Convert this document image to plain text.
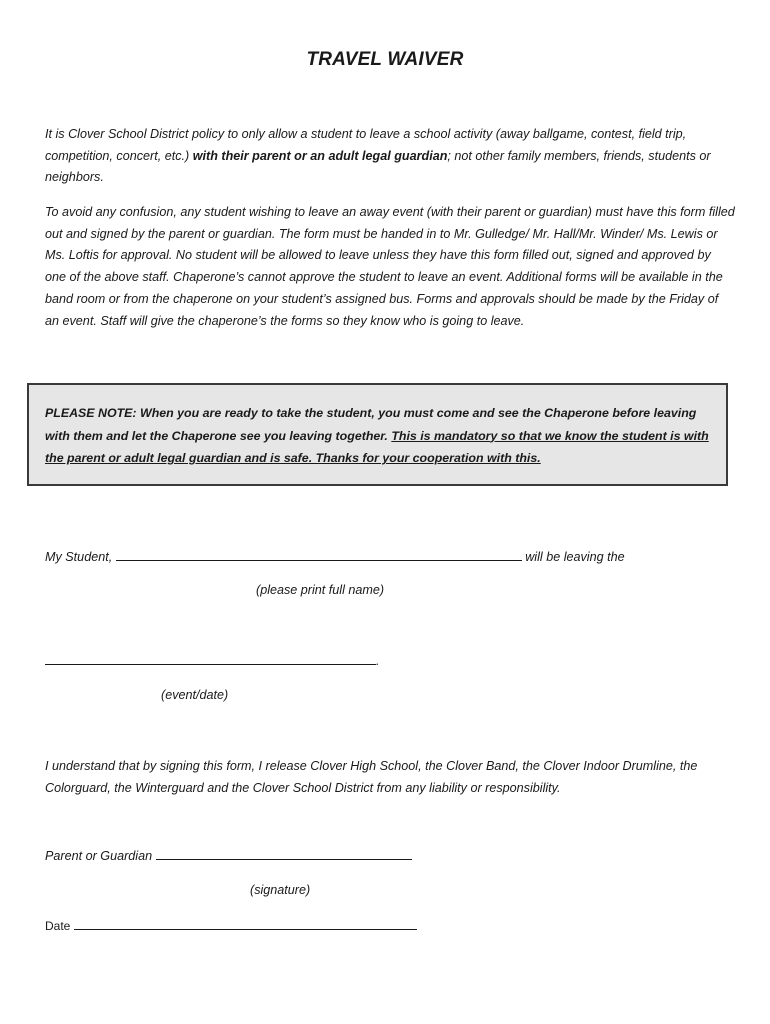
TRAVEL WAIVER

It is Clover School District policy to only allow a student to leave a school activity (away ballgame, contest, field trip, competition, concert, etc.) with their parent or an adult legal guardian; not other family members, friends, students or neighbors.

To avoid any confusion, any student wishing to leave an away event (with their parent or guardian) must have this form filled out and signed by the parent or guardian. The form must be handed in to Mr. Gulledge/ Mr. Hall/Mr. Winder/ Ms. Lewis or Ms. Loftis for approval. No student will be allowed to leave unless they have this form filled out, signed and approved by one of the above staff. Chaperone’s cannot approve the student to leave an event. Additional forms will be available in the band room or from the chaperone on your student’s assigned bus. Forms and approvals should be made by the Friday of an event. Staff will give the chaperone’s the forms so they know who is going to leave.

PLEASE NOTE: When you are ready to take the student, you must come and see the Chaperone before leaving with them and let the Chaperone see you leaving together. This is mandatory so that we know the student is with the parent or adult legal guardian and is safe. Thanks for your cooperation with this.

My Student,	will be leaving the
(please print full name)
.
(event/date)

I understand that by signing this form, I release Clover High School, the Clover Band, the Clover Indoor Drumline, the Colorguard, the Winterguard and the Clover School District from any liability or responsibility.

Parent or Guardian
(signature)
Date
